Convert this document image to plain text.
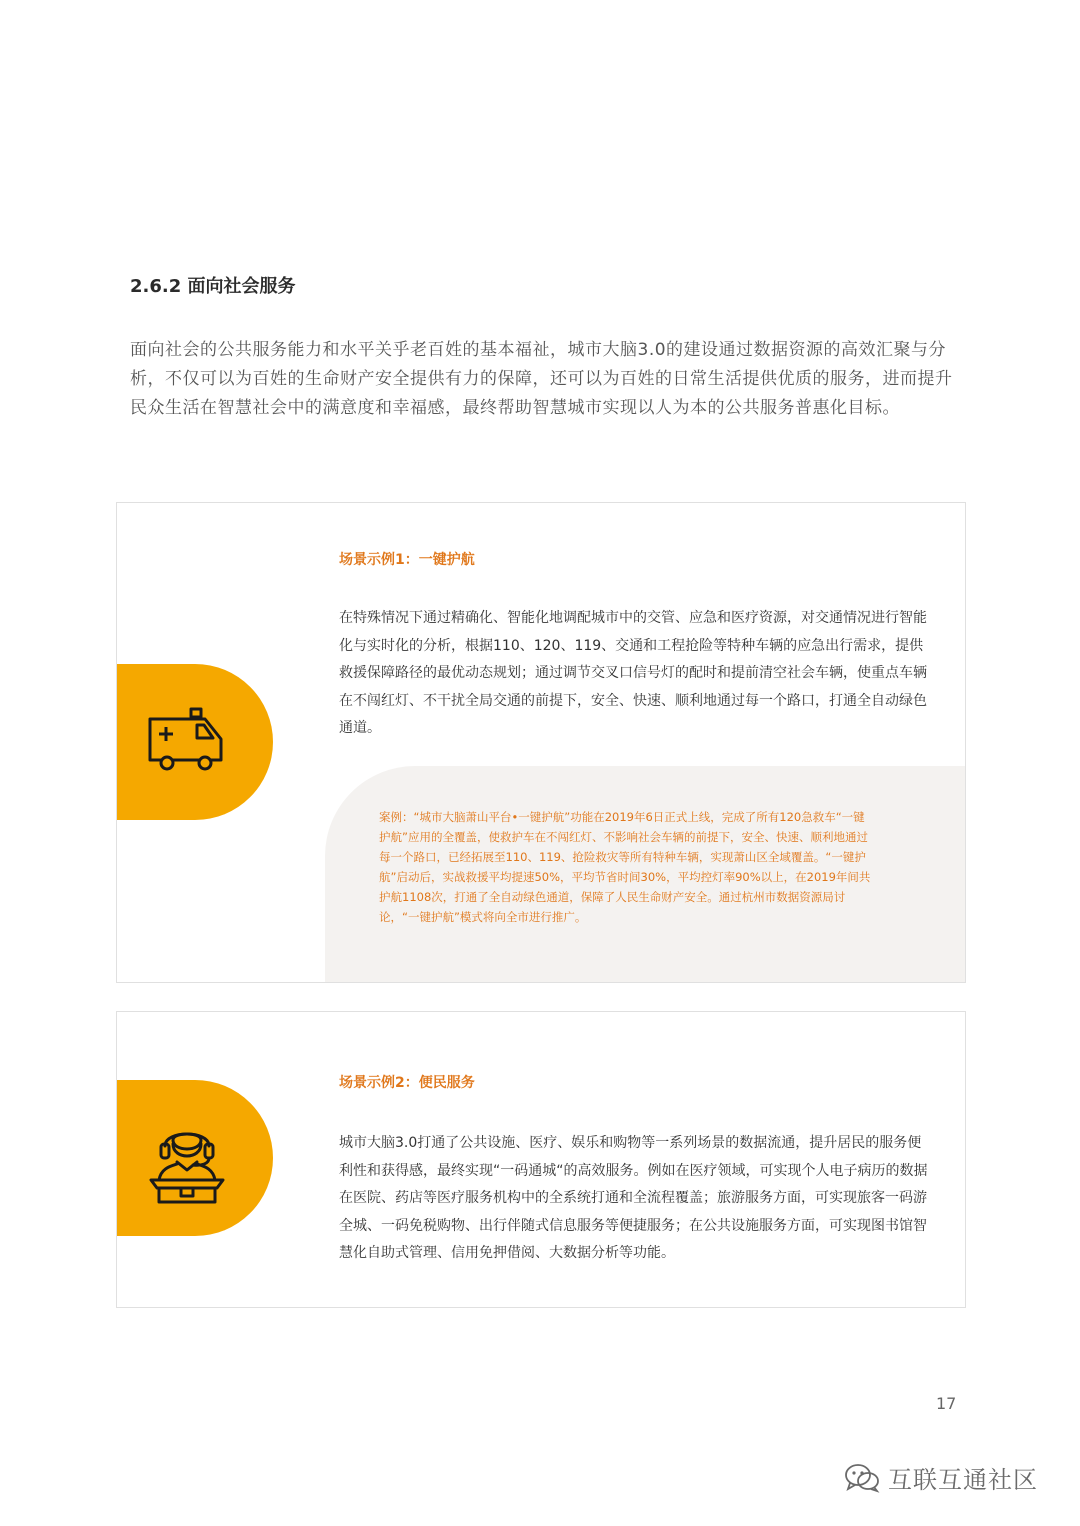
2.6.2 面向社会服务
面向社会的公共服务能力和水平关乎老百姓的基本福祉，城市大脑3.0的建设通过数据资源的高效汇聚与分析，不仅可以为百姓的生命财产安全提供有力的保障，还可以为百姓的日常生活提供优质的服务，进而提升民众生活在智慧社会中的满意度和幸福感，最终帮助智慧城市实现以人为本的公共服务普惠化目标。
场景示例1：一键护航
在特殊情况下通过精确化、智能化地调配城市中的交管、应急和医疗资源，对交通情况进行智能化与实时化的分析，根据110、120、119、交通和工程抢险等特种车辆的应急出行需求，提供救援保障路径的最优动态规划；通过调节交叉口信号灯的配时和提前清空社会车辆，使重点车辆在不闯红灯、不干扰全局交通的前提下，安全、快速、顺利地通过每一个路口，打通全自动绿色通道。
案例：“城市大脑萧山平台•一键护航”功能在2019年6日正式上线，完成了所有120急救车“一键护航”应用的全覆盖，使救护车在不闯红灯、不影响社会车辆的前提下，安全、快速、顺利地通过每一个路口，已经拓展至110、119、抢险救灾等所有特种车辆，实现萧山区全域覆盖。“一键护航”启动后，实战救援平均提速50%，平均节省时间30%，平均控灯率90%以上，在2019年间共护航1108次，打通了全自动绿色通道，保障了人民生命财产安全。通过杭州市数据资源局讨论，“一键护航”模式将向全市进行推广。
场景示例2：便民服务
城市大脑3.0打通了公共设施、医疗、娱乐和购物等一系列场景的数据流通，提升居民的服务便利性和获得感，最终实现“一码通城“的高效服务。例如在医疗领域，可实现个人电子病历的数据在医院、药店等医疗服务机构中的全系统打通和全流程覆盖；旅游服务方面，可实现旅客一码游全城、一码免税购物、出行伴随式信息服务等便捷服务；在公共设施服务方面，可实现图书馆智慧化自助式管理、信用免押借阅、大数据分析等功能。
17
互联互通社区
